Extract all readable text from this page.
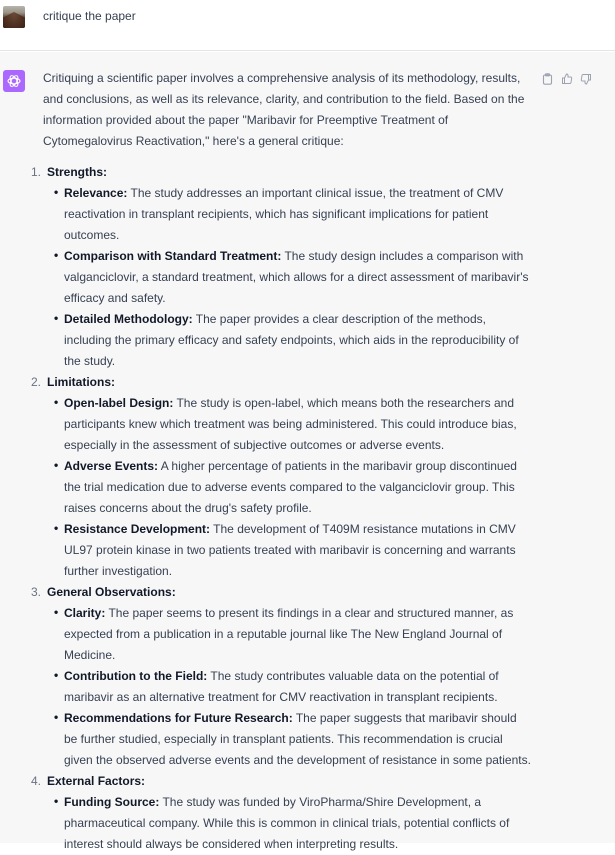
critique the paper

Critiquing a scientific paper involves a comprehensive analysis of its methodology, results, and conclusions, as well as its relevance, clarity, and contribution to the field. Based on the information provided about the paper "Maribavir for Preemptive Treatment of Cytomegalovirus Reactivation," here's a general critique:

1. Strengths:
• Relevance: The study addresses an important clinical issue, the treatment of CMV reactivation in transplant recipients, which has significant implications for patient outcomes.
• Comparison with Standard Treatment: The study design includes a comparison with valganciclovir, a standard treatment, which allows for a direct assessment of maribavir's efficacy and safety.
• Detailed Methodology: The paper provides a clear description of the methods, including the primary efficacy and safety endpoints, which aids in the reproducibility of the study.
2. Limitations:
• Open-label Design: The study is open-label, which means both the researchers and participants knew which treatment was being administered. This could introduce bias, especially in the assessment of subjective outcomes or adverse events.
• Adverse Events: A higher percentage of patients in the maribavir group discontinued the trial medication due to adverse events compared to the valganciclovir group. This raises concerns about the drug's safety profile.
• Resistance Development: The development of T409M resistance mutations in CMV UL97 protein kinase in two patients treated with maribavir is concerning and warrants further investigation.
3. General Observations:
• Clarity: The paper seems to present its findings in a clear and structured manner, as expected from a publication in a reputable journal like The New England Journal of Medicine.
• Contribution to the Field: The study contributes valuable data on the potential of maribavir as an alternative treatment for CMV reactivation in transplant recipients.
• Recommendations for Future Research: The paper suggests that maribavir should be further studied, especially in transplant patients. This recommendation is crucial given the observed adverse events and the development of resistance in some patients.
4. External Factors:
• Funding Source: The study was funded by ViroPharma/Shire Development, a pharmaceutical company. While this is common in clinical trials, potential conflicts of interest should always be considered when interpreting results.
